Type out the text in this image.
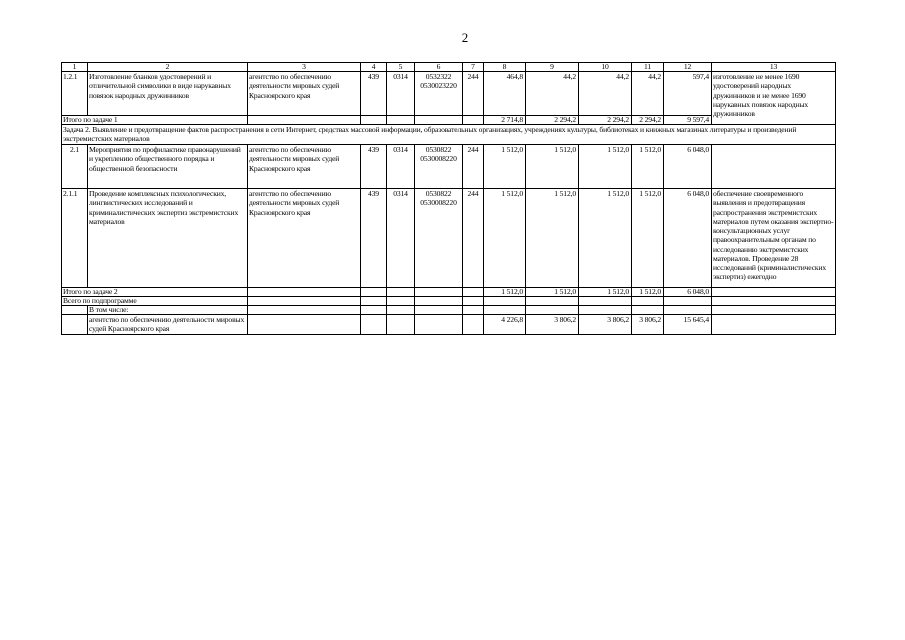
2
1	2	3	4	5	6	7	8	9	10	11	12	13
1.2.1	Изготовление бланков удостоверений и отличительной символики в виде нарукавных повязок народных дружинников	агентство по обеспечению деятельности мировых судей Красноярского края	439	0314	0532322 0530023220	244	464,8	44,2	44,2	44,2	597,4	изготовление не менее 1690 удостоверений народных дружинников и не менее 1690 нарукавных повязок народных дружинников
Итого по задаче 1							2 714,8	2 294,2	2 294,2	2 294,2	9 597,4	
Задача 2. Выявление и предотвращение фактов распространения в сети Интернет, средствах массовой информации, образовательных организациях, учреждениях культуры, библиотеках и книжных магазинах литературы и произведений экстремистских материалов												
2.1	Мероприятия по профилактике правонарушений и укреплению общественного порядка и общественной безопасности	агентство по обеспечению деятельности мировых судей Красноярского края	439	0314	0530822 0530008220	244	1 512,0	1 512,0	1 512,0	1 512,0	6 048,0	
2.1.1	Проведение комплексных психологических, лингвистических исследований и криминалистических экспертиз экстремистских материалов	агентство по обеспечению деятельности мировых судей Красноярского края	439	0314	0530822 0530008220	244	1 512,0	1 512,0	1 512,0	1 512,0	6 048,0	обеспечение своевременного выявления и предотвращения распространения экстремистских материалов путем оказания экспертно-консультационных услуг правоохранительным органам по исследованию экстремистских материалов. Проведение 28 исследований (криминалистических экспертиз) ежегодно
Итого по задаче 2							1 512,0	1 512,0	1 512,0	1 512,0	6 048,0	
Всего по подпрограмме												
	В том числе:											
	агентство по обеспечению деятельности мировых судей Красноярского края						4 226,8	3 806,2	3 806,2	3 806,2	15 645,4	
